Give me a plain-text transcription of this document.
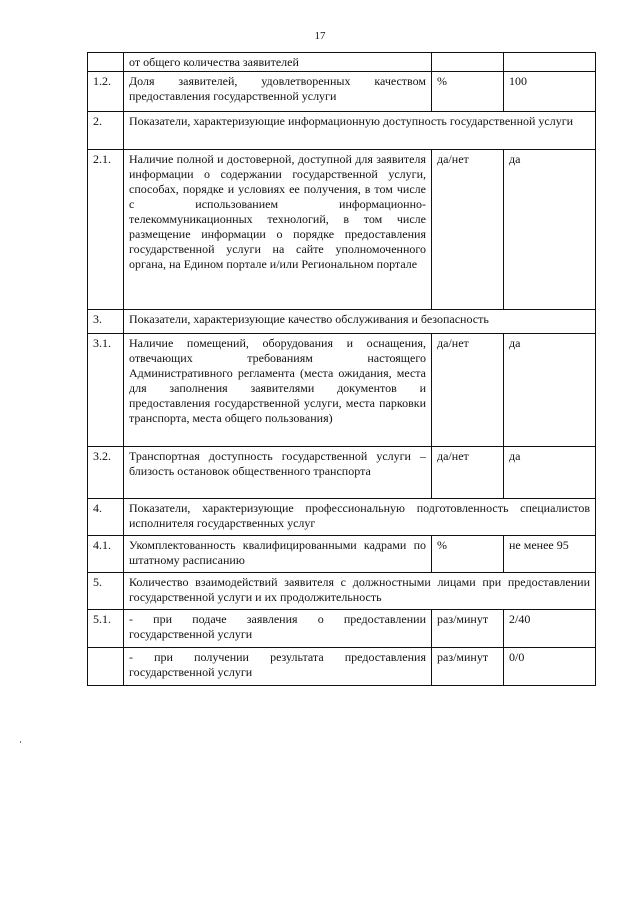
17
	от общего количества заявителей		
1.2.	Доля заявителей, удовлетворенных качеством предоставления государственной услуги	%	100
2.	Показатели, характеризующие информационную доступность государственной услуги		
2.1.	Наличие полной и достоверной, доступной для заявителя информации о содержании государственной услуги, способах, порядке и условиях ее получения, в том числе с использованием информационно-телекоммуникационных технологий, в том числе размещение информации о порядке предоставления государственной услуги на сайте уполномоченного органа, на Едином портале и/или Региональном портале	да/нет	да
3.	Показатели, характеризующие качество обслуживания и безопасность		
3.1.	Наличие помещений, оборудования и оснащения, отвечающих требованиям настоящего Административного регламента (места ожидания, места для заполнения заявителями документов и предоставления государственной услуги, места парковки транспорта, места общего пользования)	да/нет	да
3.2.	Транспортная доступность государственной услуги – близость остановок общественного транспорта	да/нет	да
4.	Показатели, характеризующие профессиональную подготовленность специалистов исполнителя государственных услуг		
4.1.	Укомплектованность квалифицированными кадрами по штатному расписанию	%	не менее 95
5.	Количество взаимодействий заявителя с должностными лицами при предоставлении государственной услуги и их продолжительность		
5.1.	- при подаче заявления о предоставлении государственной услуги	раз/минут	2/40
	- при получении результата предоставления государственной услуги	раз/минут	0/0
